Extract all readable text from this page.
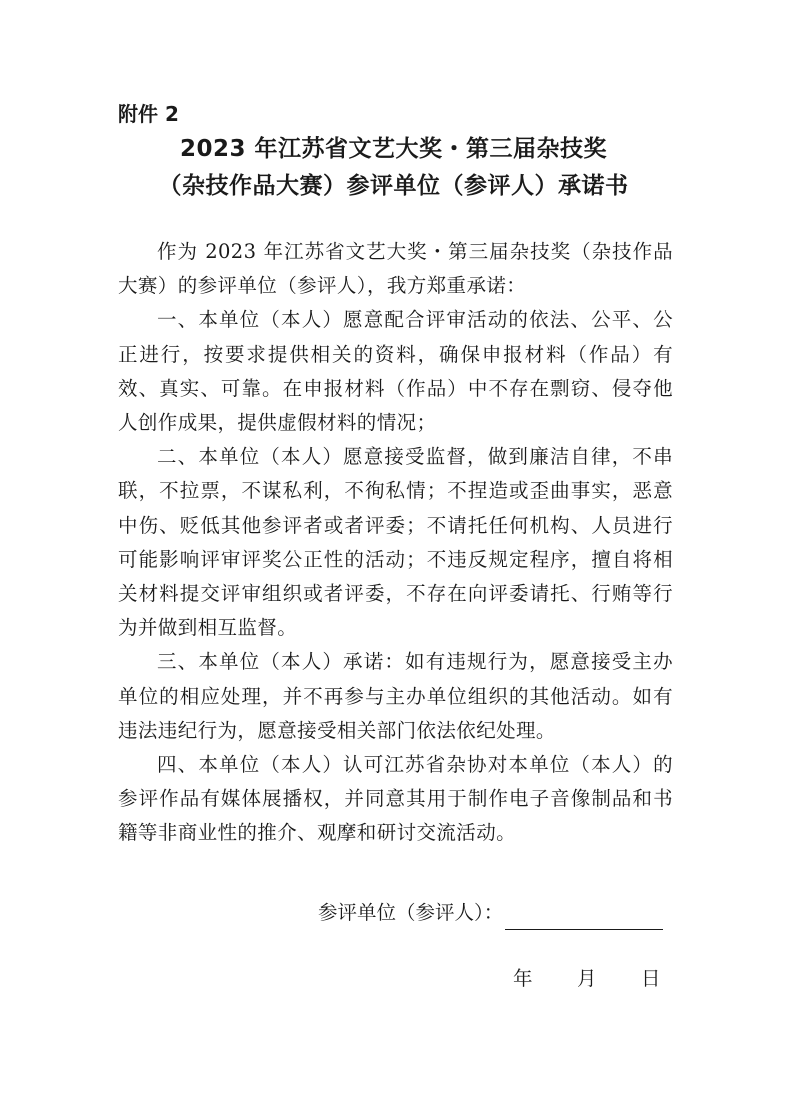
附件 2

2023 年江苏省文艺大奖・第三届杂技奖
（杂技作品大赛）参评单位（参评人）承诺书

作为 2023 年江苏省文艺大奖・第三届杂技奖（杂技作品大赛）的参评单位（参评人），我方郑重承诺：

一、本单位（本人）愿意配合评审活动的依法、公平、公正进行，按要求提供相关的资料，确保申报材料（作品）有效、真实、可靠。在申报材料（作品）中不存在剽窃、侵夺他人创作成果，提供虚假材料的情况；

二、本单位（本人）愿意接受监督，做到廉洁自律，不串联，不拉票，不谋私利，不徇私情；不捏造或歪曲事实，恶意中伤、贬低其他参评者或者评委；不请托任何机构、人员进行可能影响评审评奖公正性的活动；不违反规定程序，擅自将相关材料提交评审组织或者评委，不存在向评委请托、行贿等行为并做到相互监督。

三、本单位（本人）承诺：如有违规行为，愿意接受主办单位的相应处理，并不再参与主办单位组织的其他活动。如有违法违纪行为，愿意接受相关部门依法依纪处理。

四、本单位（本人）认可江苏省杂协对本单位（本人）的参评作品有媒体展播权，并同意其用于制作电子音像制品和书籍等非商业性的推介、观摩和研讨交流活动。

参评单位（参评人）：
年 月 日
